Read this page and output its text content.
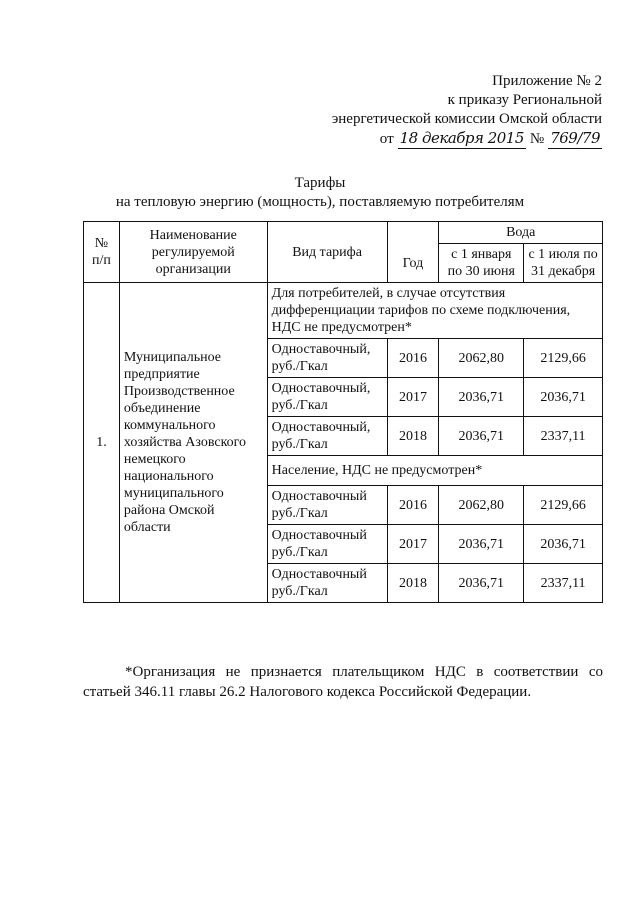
Приложение № 2
к приказу Региональной
энергетической комиссии Омской области
от 18 декабря 2015 № 769/79
Тарифы
на тепловую энергию (мощность), поставляемую потребителям
№ п/п	Наименование регулируемой организации	Вид тарифа	Год	Вода	
				с 1 января по 30 июня	с 1 июля по 31 декабря
1.	Муниципальное предприятие Производственное объединение коммунального хозяйства Азовского немецкого национального муниципального района Омской области	Для потребителей, в случае отсутствия дифференциации тарифов по схеме подключения, НДС не предусмотрен*			
		Одноставочный, руб./Гкал	2016	2062,80	2129,66
		Одноставочный, руб./Гкал	2017	2036,71	2036,71
		Одноставочный, руб./Гкал	2018	2036,71	2337,11
		Население, НДС не предусмотрен*			
		Одноставочный руб./Гкал	2016	2062,80	2129,66
		Одноставочный руб./Гкал	2017	2036,71	2036,71
		Одноставочный руб./Гкал	2018	2036,71	2337,11
*Организация не признается плательщиком НДС в соответствии со статьей 346.11 главы 26.2 Налогового кодекса Российской Федерации.
